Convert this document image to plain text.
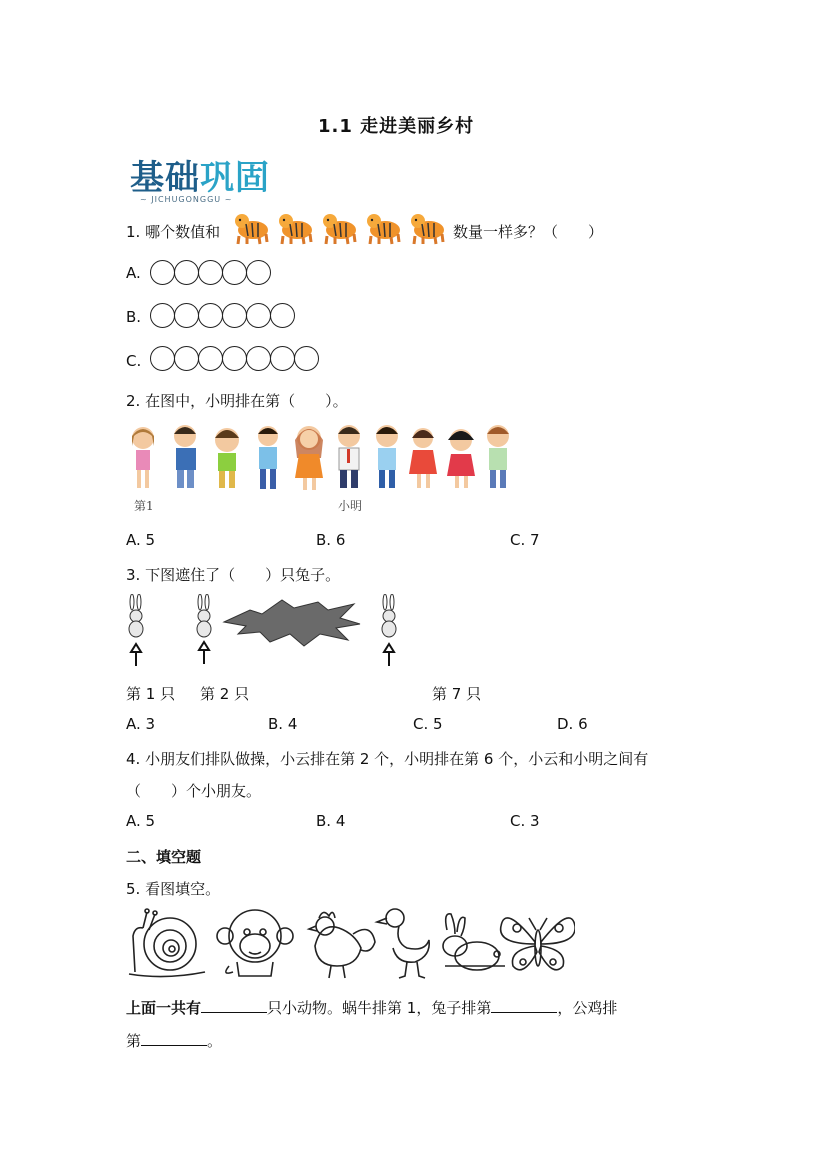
1.1 走进美丽乡村
基础巩固
~ JICHUGONGGU ~
1. 哪个数值和	数量一样多？（　　）
A.
B.
C.
2. 在图中，小明排在第（　　）。
第1	小明
A. 5	B. 6	C. 7
3. 下图遮住了（　　）只兔子。
第 1 只 第 2 只	第 7 只
A. 3	B. 4	C. 5	D. 6
4. 小朋友们排队做操，小云排在第 2 个，小明排在第 6 个，小云和小明之间有
（　　）个小朋友。
A. 5	B. 4	C. 3
二、填空题
5. 看图填空。
上面一共有	只小动物。蜗牛排第 1，兔子排第	，公鸡排
第	。
